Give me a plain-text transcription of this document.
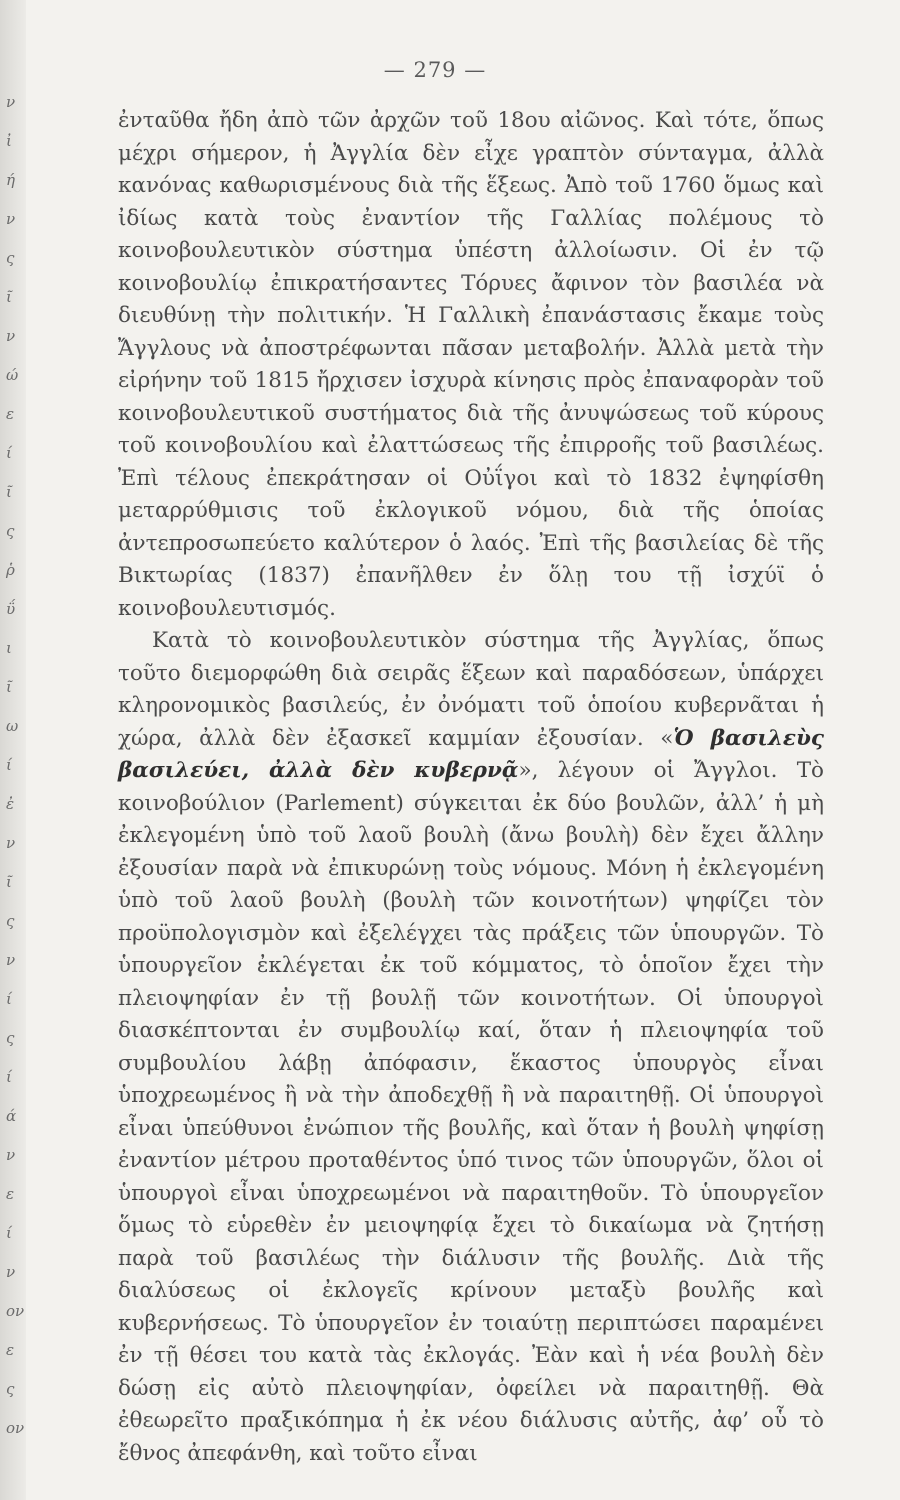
ν
ἰ
ή
ν
ς
ῖ
ν
ώ
ε
ί
ῖ
ς
ῥ
ΰ
ι
ῖ
ω
ί
ἐ
ν
ῖ
ς
ν
ί
ς
ί
ά
ν
ε
ί
ν
ον
ε
ς
ον
— 279 —

ἐνταῦθα ἤδη ἀπὸ τῶν ἀρχῶν τοῦ 18ου αἰῶνος. Καὶ τότε, ὅπως μέχρι σήμερον, ἡ Ἀγγλία δὲν εἶχε γραπτὸν σύνταγμα, ἀλλὰ κανόνας καθωρισμένους διὰ τῆς ἕξεως. Ἀπὸ τοῦ 1760 ὅμως καὶ ἰδίως κατὰ τοὺς ἐναντίον τῆς Γαλλίας πολέμους τὸ κοινοβουλευτικὸν σύστημα ὑπέστη ἀλλοίωσιν. Οἱ ἐν τῷ κοινοβουλίῳ ἐπικρατήσαντες Τόρυες ἄφινον τὸν βασιλέα νὰ διευθύνῃ τὴν πολιτικήν. Ἡ Γαλλικὴ ἐπανάστασις ἔκαμε τοὺς Ἄγγλους νὰ ἀποστρέφωνται πᾶσαν μεταβολήν. Ἀλλὰ μετὰ τὴν εἰρήνην τοῦ 1815 ἤρχισεν ἰσχυρὰ κίνησις πρὸς ἐπαναφορὰν τοῦ κοινοβουλευτικοῦ συστήματος διὰ τῆς ἀνυψώσεως τοῦ κύρους τοῦ κοινοβουλίου καὶ ἐλαττώσεως τῆς ἐπιρροῆς τοῦ βασιλέως. Ἐπὶ τέλους ἐπεκράτησαν οἱ Οὐΐγοι καὶ τὸ 1832 ἐψηφίσθη μεταρρύθμισις τοῦ ἐκλογικοῦ νόμου, διὰ τῆς ὁποίας ἀντεπροσωπεύετο καλύτερον ὁ λαός. Ἐπὶ τῆς βασιλείας δὲ τῆς Βικτωρίας (1837) ἐπανῆλθεν ἐν ὅλῃ του τῇ ἰσχύϊ ὁ κοινοβουλευτισμός.

Κατὰ τὸ κοινοβουλευτικὸν σύστημα τῆς Ἀγγλίας, ὅπως τοῦτο διεμορφώθη διὰ σειρᾶς ἕξεων καὶ παραδόσεων, ὑπάρχει κληρονομικὸς βασιλεύς, ἐν ὀνόματι τοῦ ὁποίου κυβερνᾶται ἡ χώρα, ἀλλὰ δὲν ἐξασκεῖ καμμίαν ἐξουσίαν. «Ὁ βασιλεὺς βασιλεύει, ἀλλὰ δὲν κυβερνᾷ», λέγουν οἱ Ἄγγλοι. Τὸ κοινοβούλιον (Parlement) σύγκειται ἐκ δύο βουλῶν, ἀλλ’ ἡ μὴ ἐκλεγομένη ὑπὸ τοῦ λαοῦ βουλὴ (ἄνω βουλὴ) δὲν ἔχει ἄλλην ἐξουσίαν παρὰ νὰ ἐπικυρώνῃ τοὺς νόμους. Μόνη ἡ ἐκλεγομένη ὑπὸ τοῦ λαοῦ βουλὴ (βουλὴ τῶν κοινοτήτων) ψηφίζει τὸν προϋπολογισμὸν καὶ ἐξελέγχει τὰς πράξεις τῶν ὑπουργῶν. Τὸ ὑπουργεῖον ἐκλέγεται ἐκ τοῦ κόμματος, τὸ ὁποῖον ἔχει τὴν πλειοψηφίαν ἐν τῇ βουλῇ τῶν κοινοτήτων. Οἱ ὑπουργοὶ διασκέπτονται ἐν συμβουλίῳ καί, ὅταν ἡ πλειοψηφία τοῦ συμβουλίου λάβῃ ἀπόφασιν, ἕκαστος ὑπουργὸς εἶναι ὑποχρεωμένος ἢ νὰ τὴν ἀποδεχθῇ ἢ νὰ παραιτηθῇ. Οἱ ὑπουργοὶ εἶναι ὑπεύθυνοι ἐνώπιον τῆς βουλῆς, καὶ ὅταν ἡ βουλὴ ψηφίσῃ ἐναντίον μέτρου προταθέντος ὑπό τινος τῶν ὑπουργῶν, ὅλοι οἱ ὑπουργοὶ εἶναι ὑποχρεωμένοι νὰ παραιτηθοῦν. Τὸ ὑπουργεῖον ὅμως τὸ εὑρεθὲν ἐν μειοψηφίᾳ ἔχει τὸ δικαίωμα νὰ ζητήσῃ παρὰ τοῦ βασιλέως τὴν διάλυσιν τῆς βουλῆς. Διὰ τῆς διαλύσεως οἱ ἐκλογεῖς κρίνουν μεταξὺ βουλῆς καὶ κυβερνήσεως. Τὸ ὑπουργεῖον ἐν τοιαύτῃ περιπτώσει παραμένει ἐν τῇ θέσει του κατὰ τὰς ἐκλογάς. Ἐὰν καὶ ἡ νέα βουλὴ δὲν δώσῃ εἰς αὐτὸ πλειοψηφίαν, ὀφείλει νὰ παραιτηθῇ. Θὰ ἐθεωρεῖτο πραξικόπημα ἡ ἐκ νέου διάλυσις αὐτῆς, ἀφ’ οὗ τὸ ἔθνος ἀπεφάνθη, καὶ τοῦτο εἶναι
